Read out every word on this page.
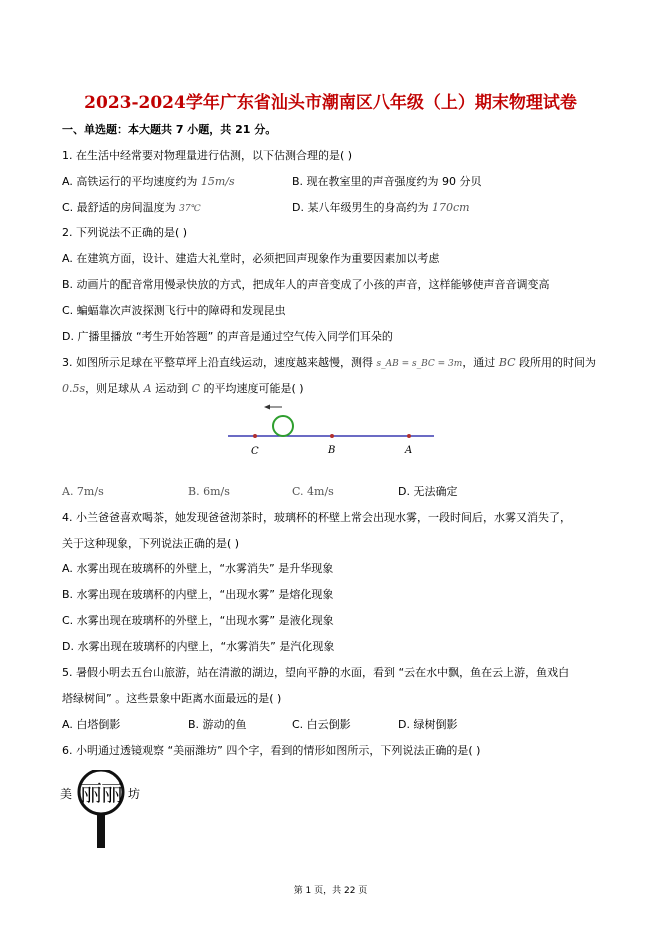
2023-2024学年广东省汕头市潮南区八年级（上）期末物理试卷
一、单选题：本大题共 7 小题，共 21 分。
1. 在生活中经常要对物理量进行估测，以下估测合理的是( )
A. 高铁运行的平均速度约为 15m/s	B. 现在教室里的声音强度约为 90 分贝
C. 最舒适的房间温度为 37℃	D. 某八年级男生的身高约为 170cm
2. 下列说法不正确的是( )
A. 在建筑方面，设计、建造大礼堂时，必须把回声现象作为重要因素加以考虑
B. 动画片的配音常用慢录快放的方式，把成年人的声音变成了小孩的声音，这样能够使声音音调变高
C. 蝙蝠靠次声波探测飞行中的障碍和发现昆虫
D. 广播里播放 “考生开始答题” 的声音是通过空气传入同学们耳朵的
3. 如图所示足球在平整草坪上沿直线运动，速度越来越慢，测得 s_AB = s_BC = 3m，通过 BC 段所用的时间为
0.5s，则足球从 A 运动到 C 的平均速度可能是( )
C	B	A
A. 7m/s	B. 6m/s	C. 4m/s	D. 无法确定
4. 小兰爸爸喜欢喝茶，她发现爸爸沏茶时，玻璃杯的杯壁上常会出现水雾，一段时间后，水雾又消失了，
关于这种现象，下列说法正确的是( )
A. 水雾出现在玻璃杯的外壁上，“水雾消失” 是升华现象
B. 水雾出现在玻璃杯的内壁上，“出现水雾” 是熔化现象
C. 水雾出现在玻璃杯的外壁上，“出现水雾” 是液化现象
D. 水雾出现在玻璃杯的内壁上，“水雾消失” 是汽化现象
5. 暑假小明去五台山旅游，站在清澈的湖边，望向平静的水面，看到 “云在水中飘，鱼在云上游，鱼戏白
塔绿树间” 。这些景象中距离水面最远的是( )
A. 白塔倒影	B. 游动的鱼	C. 白云倒影	D. 绿树倒影
6. 小明通过透镜观察 “美丽潍坊” 四个字，看到的情形如图所示，下列说法正确的是( )
美 丽
丽 坊
第 1 页，共 22 页
